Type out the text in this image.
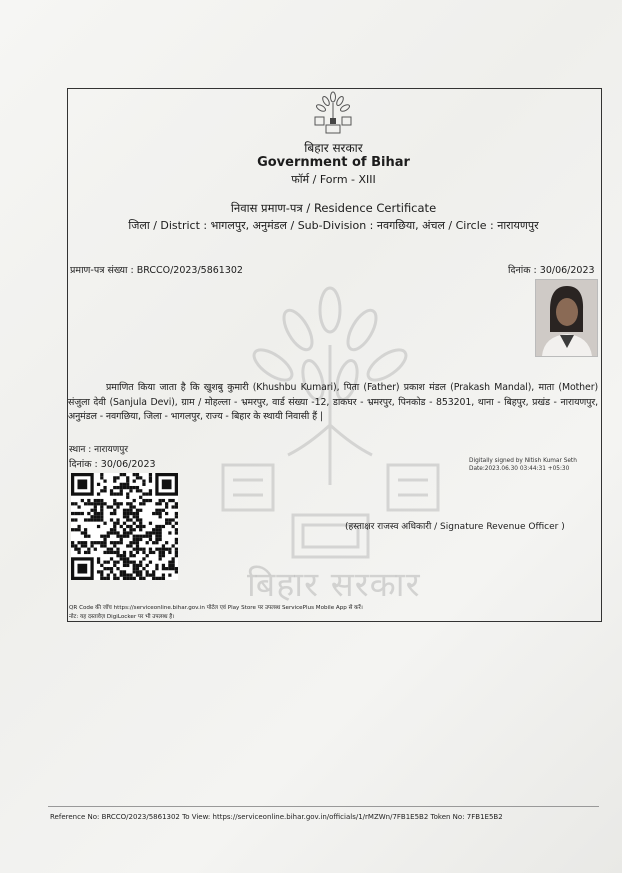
बिहार सरकार
बिहार सरकार
Government of Bihar
फॉर्म / Form - XIII
निवास प्रमाण-पत्र / Residence Certificate
जिला / District : भागलपुर, अनुमंडल / Sub-Division : नवगछिया, अंचल / Circle : नारायणपुर
प्रमाण-पत्र संख्या : BRCCO/2023/5861302	दिनांक : 30/06/2023
प्रमाणित किया जाता है कि खुशबु कुमारी (Khushbu Kumari), पिता (Father) प्रकाश मंडल (Prakash Mandal), माता (Mother) संजुला देवी (Sanjula Devi), ग्राम / मोहल्ला - भ्रमरपुर, वार्ड संख्या -12, डाकघर - भ्रमरपुर, पिनकोड - 853201, थाना - बिहपुर, प्रखंड - नारायणपुर, अनुमंडल - नवगछिया, जिला - भागलपुर, राज्य - बिहार के स्थायी निवासी हैं |
स्थान : नारायणपुर
दिनांक : 30/06/2023	Digitally signed by Nitish Kumar Seth
Date:2023.06.30 03:44:31 +05:30
(हस्ताक्षर राजस्व अधिकारी / Signature Revenue Officer )
QR Code की जाँच https://serviceonline.bihar.gov.in पोर्टल एवं Play Store पर उपलब्ध ServicePlus Mobile App से करें।
नोट: यह दस्तावेज़ DigiLocker पर भी उपलब्ध है।
Reference No: BRCCO/2023/5861302 To View: https://serviceonline.bihar.gov.in/officials/1/rMZWn/7FB1E5B2 Token No: 7FB1E5B2
